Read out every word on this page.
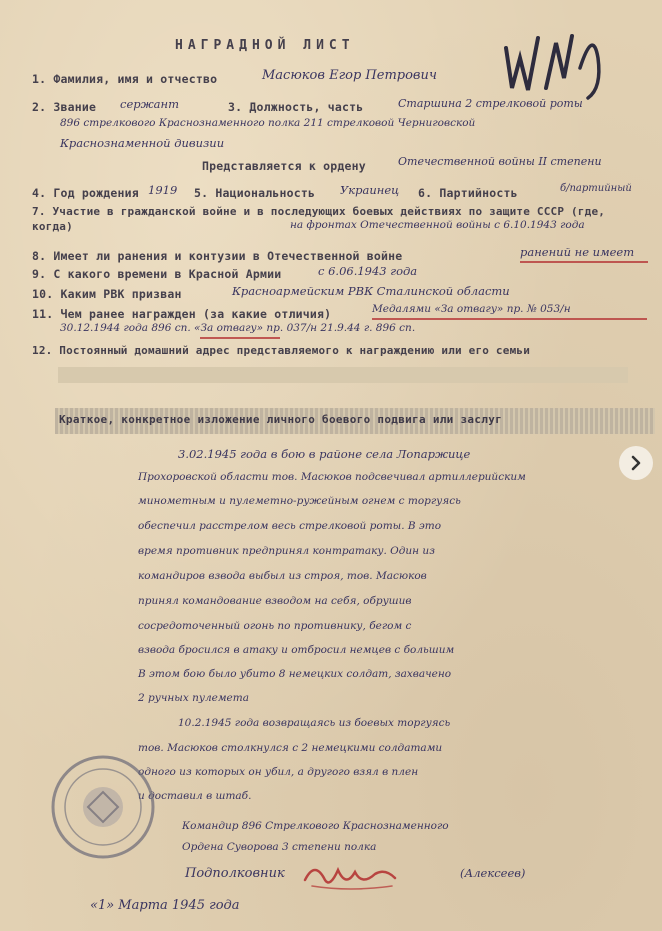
НАГРАДНОЙ ЛИСТ
1. Фамилия, имя и отчество	Масюков Егор Петрович
2. Звание сержант	3. Должность, часть	Старшина 2 стрелковой роты
896 стрелкового Краснознаменного полка 211 стрелковой Черниговской
Краснознаменной дивизии
Представляется к ордену	Отечественной войны II степени
4. Год рождения 1919 5. Национальность Украинец 6. Партийность	б/партийный
7. Участие в гражданской войне и в последующих боевых действиях по защите СССР (где, когда)	на фронтах Отечественной войны с 6.10.1943 года
8. Имеет ли ранения и контузии в Отечественной войне	ранений не имеет
9. С какого времени в Красной Армии	с 6.06.1943 года
10. Каким РВК призван	Красноармейским РВК Сталинской области
11. Чем ранее награжден (за какие отличия)	Медалями «За отвагу» пр. № 053/н
30.12.1944 года 896 сп. «За отвагу» пр. 037/н 21.9.44 г. 896 сп.
12. Постоянный домашний адрес представляемого к награждению или его семьи
Краткое, конкретное изложение личного боевого подвига или заслуг
3.02.1945 года в бою в районе села Лопаржице
Прохоровской области тов. Масюков подсвечивал артиллерийским
минометным и пулеметно-ружейным огнем с торгуясь
обеспечил расстрелом весь стрелковой роты. В это
время противник предпринял контратаку. Один из
командиров взвода выбыл из строя, тов. Масюков
принял командование взводом на себя, обрушив
сосредоточенный огонь по противнику, бегом с
взвода бросился в атаку и отбросил немцев с большим
В этом бою было убито 8 немецких солдат, захвачено
2 ручных пулемета
10.2.1945 года возвращаясь из боевых торгуясь
тов. Масюков столкнулся с 2 немецкими солдатами
одного из которых он убил, а другого взял в плен
и доставил в штаб.
Командир 896 Стрелкового Краснознаменного
Ордена Суворова 3 степени полка
Подполковник	(Алексеев)
«1» Марта 1945 года
